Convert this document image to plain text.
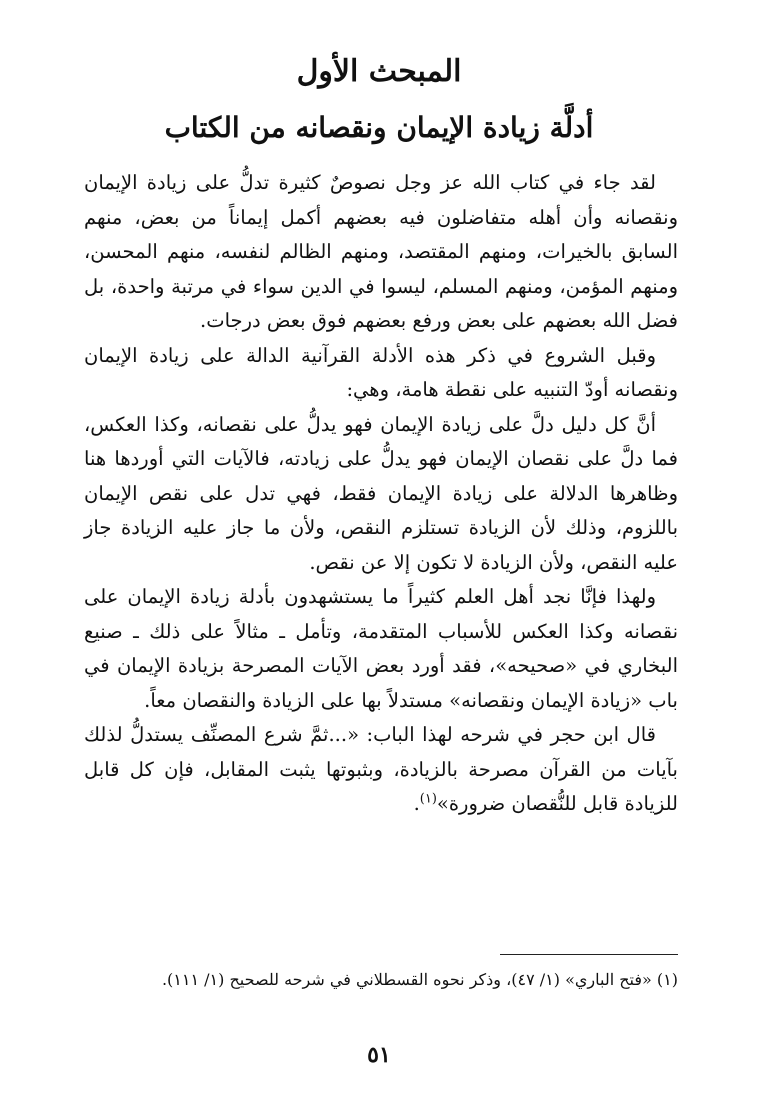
المبحث الأول
أدلَّة زيادة الإيمان ونقصانه من الكتاب

لقد جاء في كتاب الله عز وجل نصوصٌ كثيرة تدلُّ على زيادة الإيمان ونقصانه وأن أهله متفاضلون فيه بعضهم أكمل إيماناً من بعض، منهم السابق بالخيرات، ومنهم المقتصد، ومنهم الظالم لنفسه، منهم المحسن، ومنهم المؤمن، ومنهم المسلم، ليسوا في الدين سواء في مرتبة واحدة، بل فضل الله بعضهم على بعض ورفع بعضهم فوق بعض درجات.

وقبل الشروع في ذكر هذه الأدلة القرآنية الدالة على زيادة الإيمان ونقصانه أودّ التنبيه على نقطة هامة، وهي:

أنَّ كل دليل دلَّ على زيادة الإيمان فهو يدلُّ على نقصانه، وكذا العكس، فما دلَّ على نقصان الإيمان فهو يدلُّ على زيادته، فالآيات التي أوردها هنا وظاهرها الدلالة على زيادة الإيمان فقط، فهي تدل على نقص الإيمان باللزوم، وذلك لأن الزيادة تستلزم النقص، ولأن ما جاز عليه الزيادة جاز عليه النقص، ولأن الزيادة لا تكون إلا عن نقص.

ولهذا فإنَّا نجد أهل العلم كثيراً ما يستشهدون بأدلة زيادة الإيمان على نقصانه وكذا العكس للأسباب المتقدمة، وتأمل ـ مثالاً على ذلك ـ صنيع البخاري في «صحيحه»، فقد أورد بعض الآيات المصرحة بزيادة الإيمان في باب «زيادة الإيمان ونقصانه» مستدلاً بها على الزيادة والنقصان معاً.

قال ابن حجر في شرحه لهذا الباب: «...ثمَّ شرع المصنِّف يستدلُّ لذلك بآيات من القرآن مصرحة بالزيادة، وبثبوتها يثبت المقابل، فإن كل قابل للزيادة قابل للنُّقصان ضرورة»$^{(١)}$.

(١) «فتح الباري» (١/ ٤٧)، وذكر نحوه القسطلاني في شرحه للصحيح (١/ ١١١).
٥١
